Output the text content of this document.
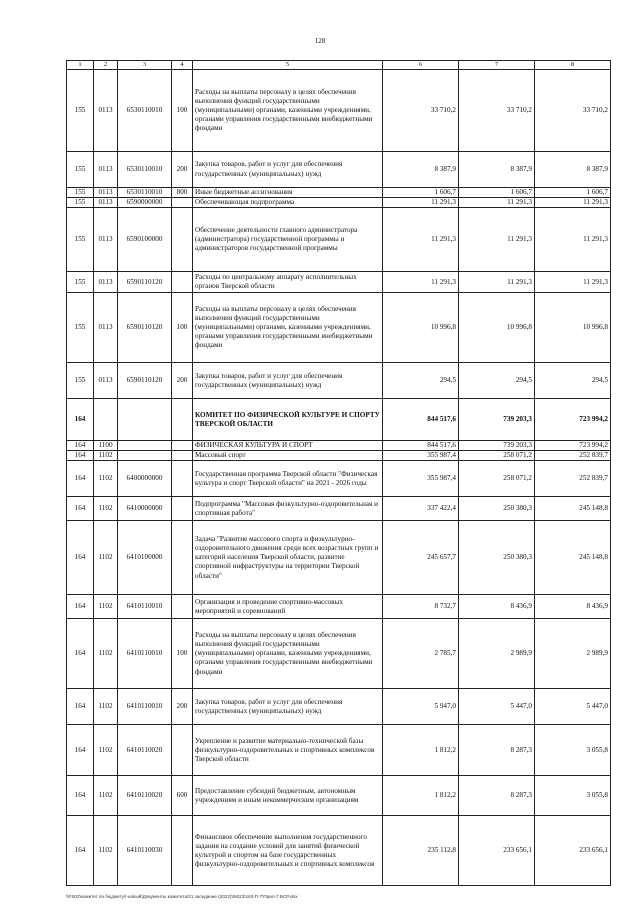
128
1	2	3	4	5	6	7	8
155	0113	6530110010	100	Расходы на выплаты персоналу в целях обеспечения выполнения функций государственными (муниципальными) органами, казенными учреждениями, органами управления государственными внебюджетными фондами	33 710,2	33 710,2	33 710,2
155	0113	6530110010	200	Закупка товаров, работ и услуг для обеспечения государственных (муниципальных) нужд	8 387,9	8 387,9	8 387,9
155	0113	6530110010	800	Иные бюджетные ассигнования	1 606,7	1 606,7	1 606,7
155	0113	6590000000		Обеспечивающая подпрограмма	11 291,3	11 291,3	11 291,3
155	0113	6590100000		Обеспечение деятельности главного администратора (администратора) государственной программы и администраторов государственной программы	11 291,3	11 291,3	11 291,3
155	0113	6590110120		Расходы по центральному аппарату исполнительных органов Тверской области	11 291,3	11 291,3	11 291,3
155	0113	6590110120	100	Расходы на выплаты персоналу в целях обеспечения выполнения функций государственными (муниципальными) органами, казенными учреждениями, органами управления государственными внебюджетными фондами	10 996,8	10 996,8	10 996,8
155	0113	6590110120	200	Закупка товаров, работ и услуг для обеспечения государственных (муниципальных) нужд	294,5	294,5	294,5
164				КОМИТЕТ ПО ФИЗИЧЕСКОЙ КУЛЬТУРЕ И СПОРТУ ТВЕРСКОЙ ОБЛАСТИ	844 517,6	739 203,3	723 994,2
164	1100			ФИЗИЧЕСКАЯ КУЛЬТУРА И СПОРТ	844 517,6	739 203,3	723 994,2
164	1102			Массовый спорт	355 987,4	258 071,2	252 839,7
164	1102	6400000000		Государственная программа Тверской области "Физическая культура и спорт Тверской области" на 2021 - 2026 годы	355 987,4	258 071,2	252 839,7
164	1102	6410000000		Подпрограмма "Массовая физкультурно-оздоровительная и спортивная работа"	337 422,4	250 380,3	245 148,8
164	1102	6410100000		Задача "Развитие массового спорта и физкультурно-оздоровительного движения среди всех возрастных групп и категорий населения Тверской области, развитие спортивной инфраструктуры на территории Тверской области"	245 657,7	250 380,3	245 148,8
164	1102	6410110010		Организация и проведение спортивно-массовых мероприятий и соревнований	8 732,7	8 436,9	8 436,9
164	1102	6410110010	100	Расходы на выплаты персоналу в целях обеспечения выполнения функций государственными (муниципальными) органами, казенными учреждениями, органами управления государственными внебюджетными фондами	2 785,7	2 989,9	2 989,9
164	1102	6410110010	200	Закупка товаров, работ и услуг для обеспечения государственных (муниципальных) нужд	5 947,0	5 447,0	5 447,0
164	1102	6410110020		Укрепление и развитие материально-технической базы физкультурно-оздоровительных и спортивных комплексов Тверской области	1 812,2	8 287,3	3 055,8
164	1102	6410110020	600	Предоставление субсидий бюджетным, автономным учреждениям и иным некоммерческим организациям	1 812,2	8 287,3	3 055,8
164	1102	6410110030		Финансовое обеспечение выполнения государственного задания на создание условий для занятий физической культурой и спортом на базе государственных физкультурно-оздоровительных и спортивных комплексов	235 112,8	233 656,1	233 656,1
\\FS02\комитет по бюджету\!-новый\Документы комитета\21 заседание (2022)\06\23\163-П-7\Прил-7.БСР.xlsx
